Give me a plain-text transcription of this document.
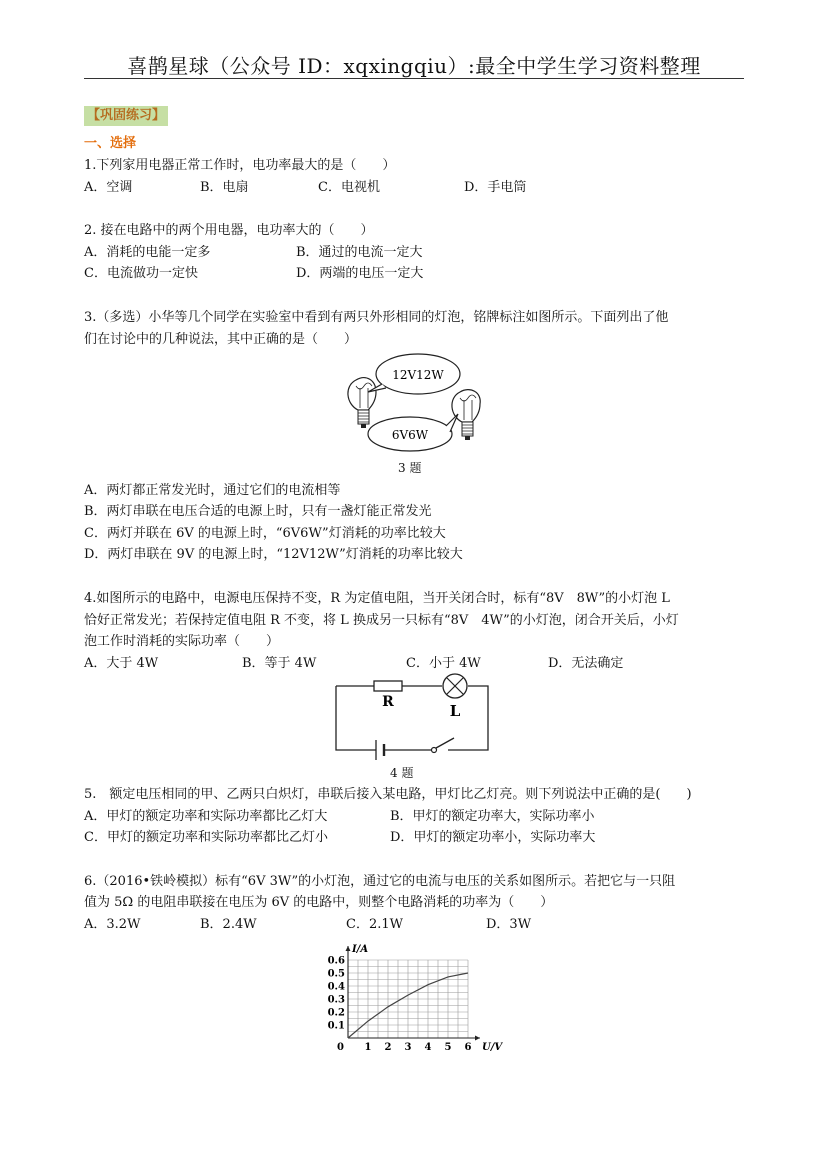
喜鹊星球（公众号 ID：xqxingqiu）:最全中学生学习资料整理
【巩固练习】
一、选择
1.下列家用电器正常工作时，电功率最大的是（　　）
A．空调	B．电扇	C．电视机	D．手电筒
2. 接在电路中的两个用电器，电功率大的（　　）
A．消耗的电能一定多	B．通过的电流一定大
C．电流做功一定快	D．两端的电压一定大
3.（多选）小华等几个同学在实验室中看到有两只外形相同的灯泡，铭牌标注如图所示。下面列出了他
们在讨论中的几种说法，其中正确的是（　　）
12V12W
6V6W
3 题
A．两灯都正常发光时，通过它们的电流相等
B．两灯串联在电压合适的电源上时，只有一盏灯能正常发光
C．两灯并联在 6V 的电源上时，“6V6W”灯消耗的功率比较大
D．两灯串联在 9V 的电源上时，“12V12W”灯消耗的功率比较大
4.如图所示的电路中，电源电压保持不变，R 为定值电阻，当开关闭合时，标有“8V　8W”的小灯泡 L
恰好正常发光；若保持定值电阻 R 不变，将 L 换成另一只标有“8V　4W”的小灯泡，闭合开关后，小灯
泡工作时消耗的实际功率（　　）
A．大于 4W	B．等于 4W	C．小于 4W	D．无法确定
R	L
4 题
5.　额定电压相同的甲、乙两只白炽灯，串联后接入某电路，甲灯比乙灯亮。则下列说法中正确的是(　　)
A．甲灯的额定功率和实际功率都比乙灯大	B．甲灯的额定功率大，实际功率小
C．甲灯的额定功率和实际功率都比乙灯小	D．甲灯的额定功率小，实际功率大
6.（2016•铁岭模拟）标有“6V 3W”的小灯泡，通过它的电流与电压的关系如图所示。若把它与一只阻
值为 5Ω 的电阻串联接在电压为 6V 的电路中，则整个电路消耗的功率为（　　）
A．3.2W	B．2.4W	C．2.1W	D．3W
1 2 3 4 5 6
0.1
0.2
0.3
0.4
0.5
0.6
U/V
I/A
0
